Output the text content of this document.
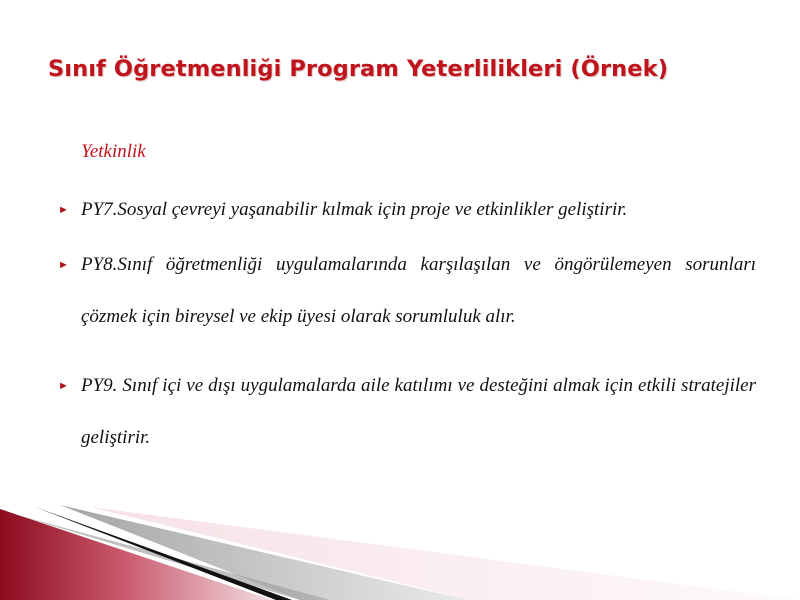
Sınıf Öğretmenliği Program Yeterlilikleri (Örnek)
Yetkinlik
► PY7.Sosyal çevreyi yaşanabilir kılmak için proje ve etkinlikler geliştirir.
► PY8.Sınıf öğretmenliği uygulamalarında karşılaşılan ve öngörülemeyen sorunları çözmek için bireysel ve ekip üyesi olarak sorumluluk alır.
► PY9. Sınıf içi ve dışı uygulamalarda aile katılımı ve desteğini almak için etkili stratejiler geliştirir.
